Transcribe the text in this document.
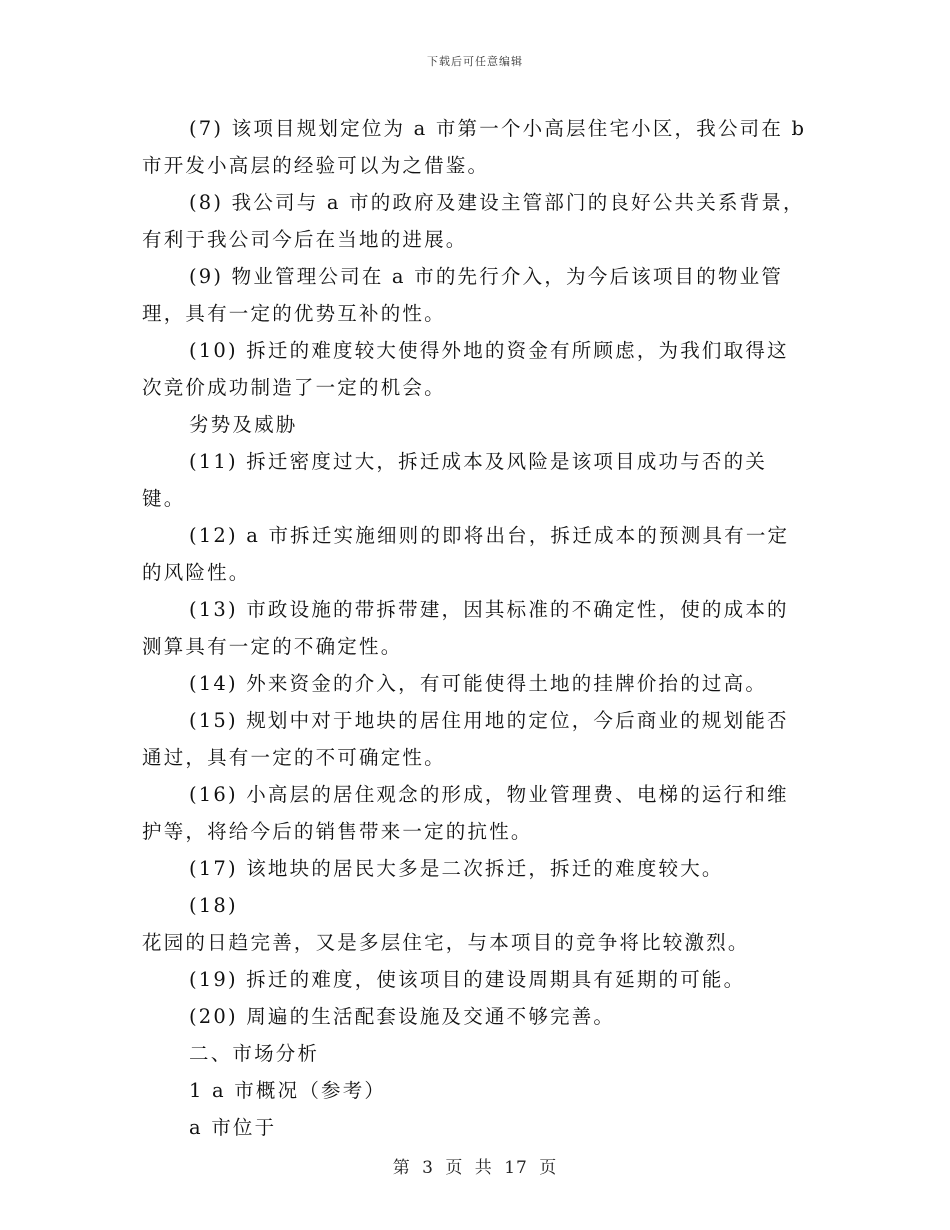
下载后可任意编辑

(7) 该项目规划定位为 a 市第一个小高层住宅小区，我公司在 b 市开发小高层的经验可以为之借鉴。

(8) 我公司与 a 市的政府及建设主管部门的良好公共关系背景，有利于我公司今后在当地的进展。

(9) 物业管理公司在 a 市的先行介入，为今后该项目的物业管理，具有一定的优势互补的性。

(10) 拆迁的难度较大使得外地的资金有所顾虑，为我们取得这次竞价成功制造了一定的机会。

劣势及威胁

(11) 拆迁密度过大，拆迁成本及风险是该项目成功与否的关键。

(12) a 市拆迁实施细则的即将出台，拆迁成本的预测具有一定的风险性。

(13) 市政设施的带拆带建，因其标准的不确定性，使的成本的测算具有一定的不确定性。

(14) 外来资金的介入，有可能使得土地的挂牌价抬的过高。

(15) 规划中对于地块的居住用地的定位，今后商业的规划能否通过，具有一定的不可确定性。

(16) 小高层的居住观念的形成，物业管理费、电梯的运行和维护等，将给今后的销售带来一定的抗性。

(17) 该地块的居民大多是二次拆迁，拆迁的难度较大。

(18)

花园的日趋完善，又是多层住宅，与本项目的竞争将比较激烈。

(19) 拆迁的难度，使该项目的建设周期具有延期的可能。

(20) 周遍的生活配套设施及交通不够完善。

二、市场分析

1 a 市概况（参考）

a 市位于

第 3 页 共 17 页
